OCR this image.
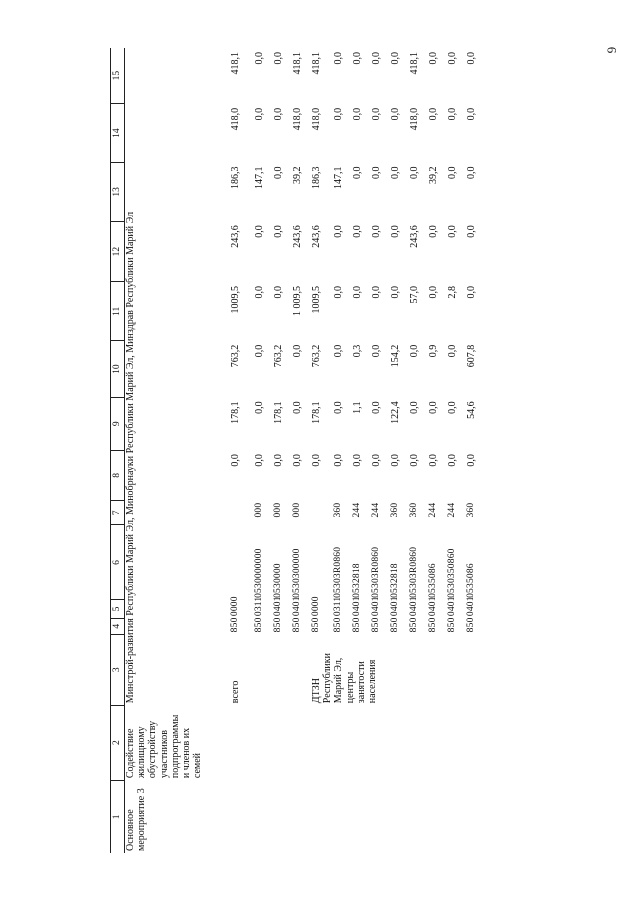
6
1	2	3	4	5	6	7	8	9	10	11	12	13	14	15
Основное мероприятие 3	Содействие жилищному обустройству участников подпрограммы и членов их семей	Минстрой-развития Республики Марий Эл, Минобрнауки Республики Марий Эл, Минздрав Республики Марий Эл												
		всего	850	0000			0,0	178,1	763,2	1009,5	243,6	186,3	418,0	418,1
			850	0311	0530000000	000	0,0	0,0	0,0	0,0	0,0	147,1	0,0	0,0
			850	0401	0530000	000	0,0	178,1	763,2	0,0	0,0	0,0	0,0	0,0
			850	0401	0530300000	000	0,0	0,0	0,0	1 009,5	243,6	39,2	418,0	418,1
		ДТЗН Республики Марий Эл, центры занятости населения	850	0000			0,0	178,1	763,2	1009,5	243,6	186,3	418,0	418,1
			850	0311	05303R0860	360	0,0	0,0	0,0	0,0	0,0	147,1	0,0	0,0
			850	0401	0532818	244	0,0	1,1	0,3	0,0	0,0	0,0	0,0	0,0
			850	0401	05303R0860	244	0,0	0,0	0,0	0,0	0,0	0,0	0,0	0,0
			850	0401	0532818	360	0,0	122,4	154,2	0,0	0,0	0,0	0,0	0,0
			850	0401	05303R0860	360	0,0	0,0	0,0	57,0	243,6	0,0	418,0	418,1
			850	0401	0535086	244	0,0	0,0	0,9	0,0	0,0	39,2	0,0	0,0
			850	0401	0530350860	244	0,0	0,0	0,0	2,8	0,0	0,0	0,0	0,0
			850	0401	0535086	360	0,0	54,6	607,8	0,0	0,0	0,0	0,0	0,0
